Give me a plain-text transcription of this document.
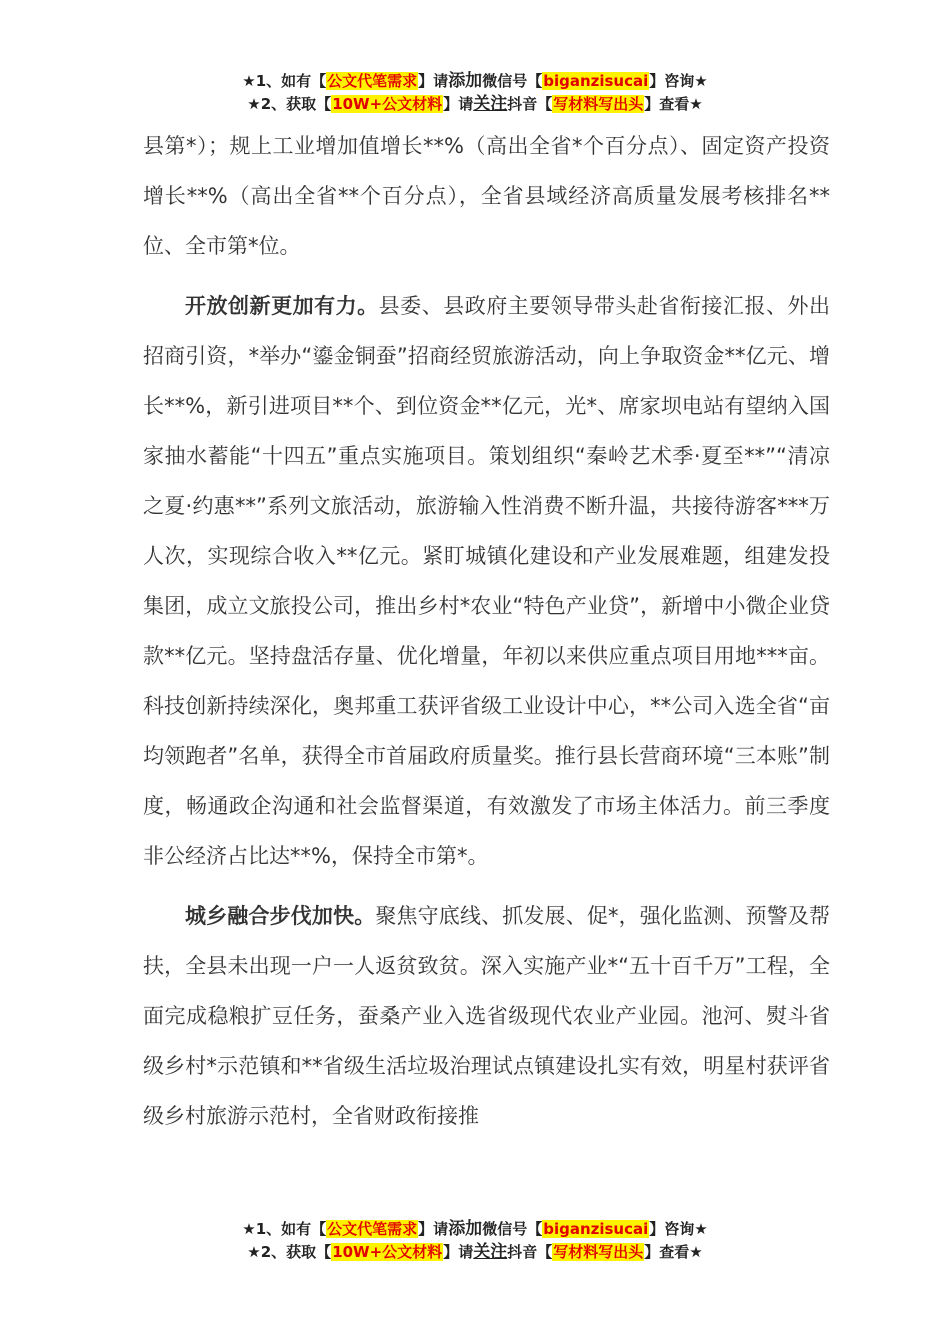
★1、如有【公文代笔需求】请添加微信号【biganzisucai】咨询★
★2、获取【10W+公文材料】请关注抖音【写材料写出头】查看★

县第*）；规上工业增加值增长**%（高出全省*个百分点）、固定资产投资增长**%（高出全省**个百分点），全省县域经济高质量发展考核排名**位、全市第*位。

开放创新更加有力。县委、县政府主要领导带头赴省衔接汇报、外出招商引资，*举办“鎏金铜蚕”招商经贸旅游活动，向上争取资金**亿元、增长**%，新引进项目**个、到位资金**亿元，光*、席家坝电站有望纳入国家抽水蓄能“十四五”重点实施项目。策划组织“秦岭艺术季·夏至**”“清凉之夏·约惠**”系列文旅活动，旅游输入性消费不断升温，共接待游客***万人次，实现综合收入**亿元。紧盯城镇化建设和产业发展难题，组建发投集团，成立文旅投公司，推出乡村*农业“特色产业贷”，新增中小微企业贷款**亿元。坚持盘活存量、优化增量，年初以来供应重点项目用地***亩。科技创新持续深化，奥邦重工获评省级工业设计中心，**公司入选全省“亩均领跑者”名单，获得全市首届政府质量奖。推行县长营商环境“三本账”制度，畅通政企沟通和社会监督渠道，有效激发了市场主体活力。前三季度非公经济占比达**%，保持全市第*。

城乡融合步伐加快。聚焦守底线、抓发展、促*，强化监测、预警及帮扶，全县未出现一户一人返贫致贫。深入实施产业*“五十百千万”工程，全面完成稳粮扩豆任务，蚕桑产业入选省级现代农业产业园。池河、熨斗省级乡村*示范镇和**省级生活垃圾治理试点镇建设扎实有效，明星村获评省级乡村旅游示范村，全省财政衔接推

★1、如有【公文代笔需求】请添加微信号【biganzisucai】咨询★
★2、获取【10W+公文材料】请关注抖音【写材料写出头】查看★
